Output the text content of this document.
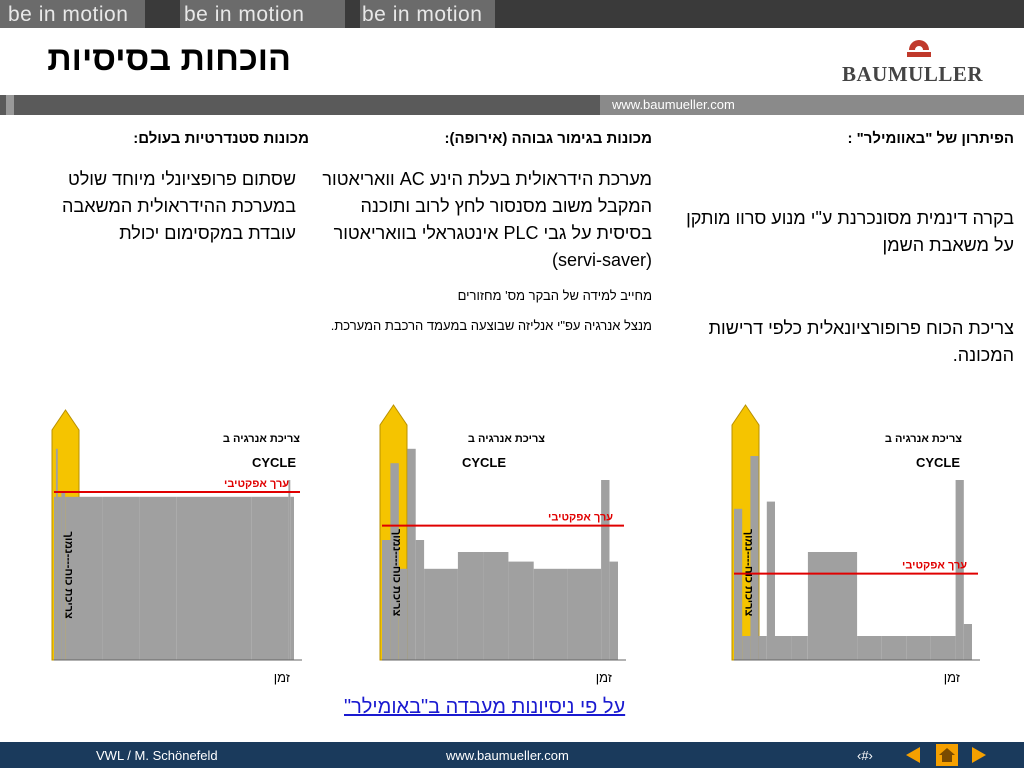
be in motion	be in motion	be in motion
הוכחות בסיסיות	BAUMULLER
www.baumueller.com
הפיתרון של "באוומילר" :
בקרה דינמית מסונכרנת ע"י מנוע סרוו מותקן על משאבת השמן
צריכת הכוח פרופורציונאלית כלפי דרישות המכונה.
מכונות בגימור גבוהה (אירופה):
מערכת הידראולית בעלת הינע AC וואריאטור המקבל משוב מסנסור לחץ לרוב ותוכנה בסיסית על גבי PLC אינטגראלי בוואריאטור (servi-saver)
מחייב למידה של הבקר מס' מחזורים
מנצל אנרגיה עפ"י אנליזה שבוצעה במעמד הרכבת המערכת.
מכונות סטנדרטיות בעולם:
שסתום פרופציונלי מיוחד שולט במערכת ההידראולית המשאבה עובדת במקסימום יכולת
ערך אפקטיבי
צריכת כוח----נמוך
צריכת אנרגיה ב
CYCLE
זמן
ערך אפקטיבי
צריכת כוח----נמוך
צריכת אנרגיה ב
CYCLE
זמן
ערך אפקטיבי
צריכת כוח----נמוך
צריכת אנרגיה ב
CYCLE
זמן
על פי ניסיונות מעבדה ב"באומילר"
VWL / M. Schönefeld	www.baumueller.com	‹#›
